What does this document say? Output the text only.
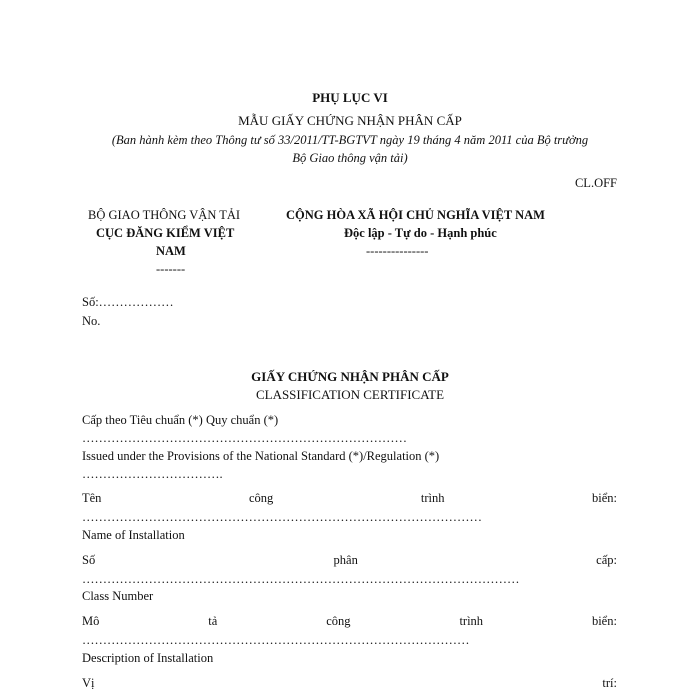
PHỤ LỤC VI
MẪU GIẤY CHỨNG NHẬN PHÂN CẤP
(Ban hành kèm theo Thông tư số 33/2011/TT-BGTVT ngày 19 tháng 4 năm 2011 của Bộ trưởng
Bộ Giao thông vận tải)
CL.OFF
BỘ GIAO THÔNG VẬN TẢI
CỤC ĐĂNG KIỂM VIỆT
NAM
-------
CỘNG HÒA XÃ HỘI CHỦ NGHĨA VIỆT NAM
Độc lập - Tự do - Hạnh phúc
---------------
Số:………………
No.
GIẤY CHỨNG NHẬN PHÂN CẤP
CLASSIFICATION CERTIFICATE
Cấp theo Tiêu chuẩn (*) Quy chuẩn (*)
……………………………………………………………………
Issued under the Provisions of the National Standard (*)/Regulation (*)
…………………………….
Tên	công	trình	biển:
……………………………………………………………………………………
Name of Installation
Số	phân	cấp:
……………………………………………………………………………………………
Class Number
Mô	tả	công	trình	biển:
…………………………………………………………………………………
Description of Installation
Vị	trí:
